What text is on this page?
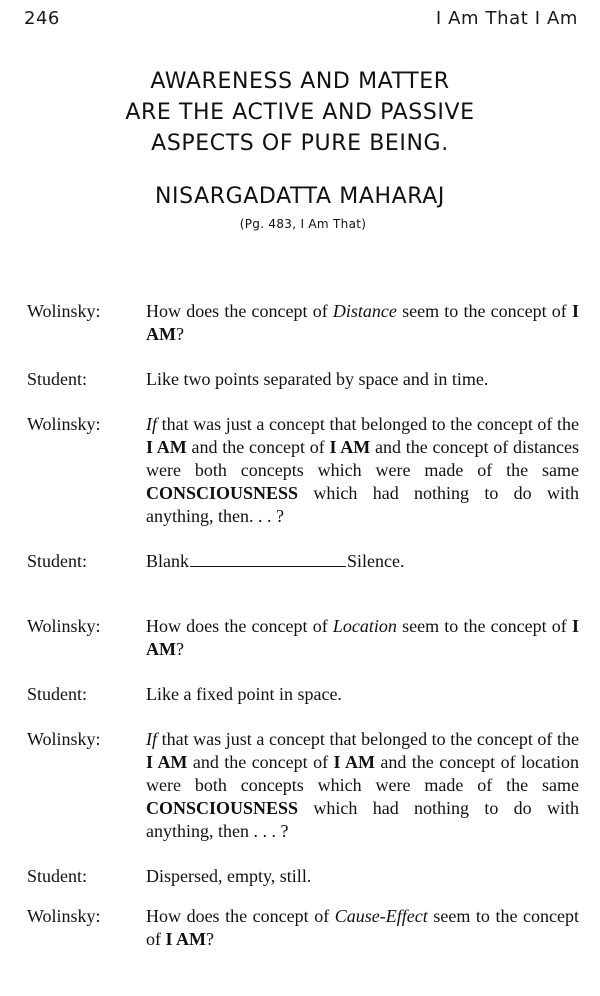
246	I Am That I Am
AWARENESS AND MATTER
ARE THE ACTIVE AND PASSIVE
ASPECTS OF PURE BEING.
NISARGADATTA MAHARAJ
(Pg. 483, I Am That)
Wolinsky:	How does the concept of Distance seem to the concept of I AM?
Student:	Like two points separated by space and in time.
Wolinsky:	If that was just a concept that belonged to the concept of the I AM and the concept of I AM and the concept of distances were both concepts which were made of the same CONSCIOUSNESS which had nothing to do with anything, then. . . ?
Student:	Blank	Silence.
Wolinsky:	How does the concept of Location seem to the concept of I AM?
Student:	Like a fixed point in space.
Wolinsky:	If that was just a concept that belonged to the concept of the I AM and the concept of I AM and the concept of location were both concepts which were made of the same CONSCIOUSNESS which had nothing to do with anything, then . . . ?
Student:	Dispersed, empty, still.
Wolinsky:	How does the concept of Cause-Effect seem to the concept of I AM?
